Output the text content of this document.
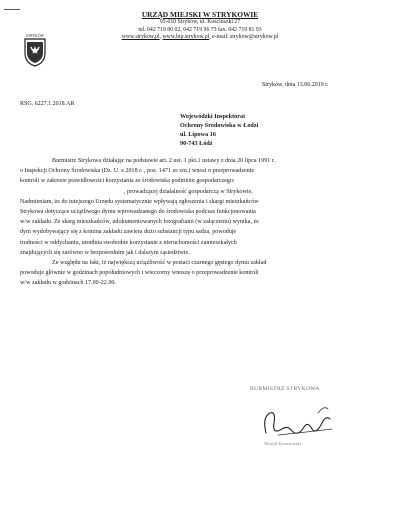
STRYKÓW
URZĄD MIEJSKI W STRYKOWIE
95-010 Stryków, ul. Kościuszki 27
tel. 042 719 80 02, 042 719 96 73 fax. 042 719 81 93
www.strykow.pl, www.bip.strykow.pl, e-mail: strykow@strykow.pl
Stryków, dnia 13.06.2019 r.
RŚG. 6227.1.2018.AR
Wojewódzki Inspektorat
Ochrony Środowiska w Łodzi
ul. Lipowa 16
90-743 Łódź
Burmistrz Strykowa działając na podstawie art. 2 ust. 1 pkt.1 ustawy z dnia 20 lipca 1991 r.
o Inspekcji Ochrony Środowiska (Dz. U. z 2018 r. , poz. 1471 ze zm.) wnosi o przeprowadzenie
kontroli w zakresie prawidłowości korzystania ze środowiska podmiotu gospodarczego:
, prowadzącej działalność gospodarczą w Strykowie,
Nadmieniam, że do tutejszego Urzędu systematycznie wpływają zgłoszenia i skargi mieszkańców
Strykowa dotyczące uciążliwego dymu wprowadzanego do środowiska podczas funkcjonowania
w/w zakładu. Ze skarg mieszkańców, udokumentowanych fotografiami (w załączeniu) wynika, że
dym wydobywający się z komina zakładu zawiera dużo substancji typu sadza, powoduje
trudności w oddychaniu, utrudnia swobodne korzystanie z nieruchomości zamieszkałych
znajdujących się zarówno w bezpośrednim jak i dalszym sąsiedztwie.
Ze względu na fakt, iż największą uciążliwość w postaci czarnego gęstego dymu zakład
powoduje głównie w godzinach popołudniowych i wieczorny wnoszę o przeprowadzenie kontroli
w/w zakładu w godzinach 17.00-22.00.
BURMISTRZ STRYKOWA
Witold Kosmowski
